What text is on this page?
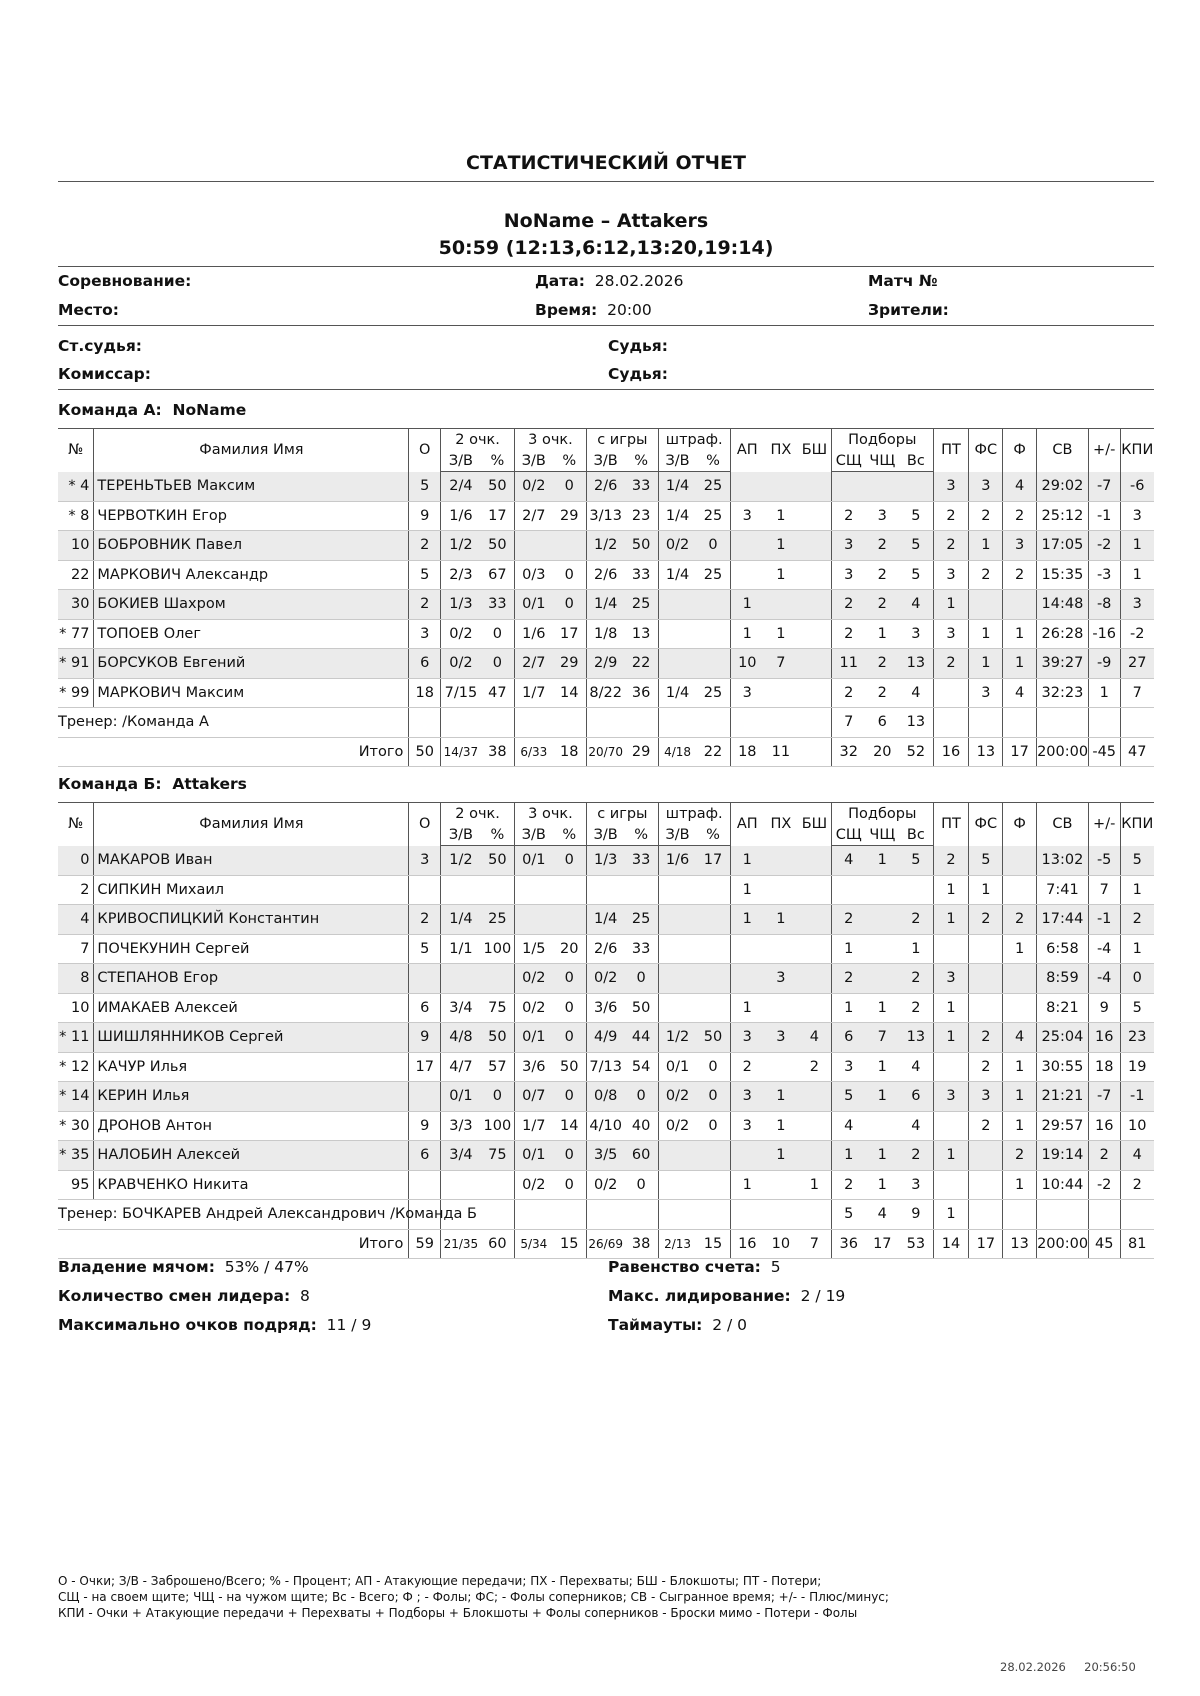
СТАТИСТИЧЕСКИЙ ОТЧЕТ
NoName – Attakers
50:59 (12:13,6:12,13:20,19:14)
Соревнование:	Дата: 28.02.2026	Матч №
Место:	Время: 20:00	Зрители:
Ст.судья:	Судья:
Комиссар:	Судья:
Команда А: NoName
№	Фамилия Имя	О	2 очк.		3 очк.		с игры		штраф.		АП	ПХ	БШ	Подборы			ПТ	ФС	Ф	СВ	+/-	КПИ
			З/В	%	З/В	%	З/В	%	З/В	%				СЩ	ЧЩ	Вс						
* 4	ТЕРЕНЬТЬЕВ Максим	5	2/4	50	0/2	0	2/6	33	1/4	25							3	3	4	29:02	-7	-6
* 8	ЧЕРВОТКИН Егор	9	1/6	17	2/7	29	3/13	23	1/4	25	3	1		2	3	5	2	2	2	25:12	-1	3
10	БОБРОВНИК Павел	2	1/2	50			1/2	50	0/2	0		1		3	2	5	2	1	3	17:05	-2	1
22	МАРКОВИЧ Александр	5	2/3	67	0/3	0	2/6	33	1/4	25		1		3	2	5	3	2	2	15:35	-3	1
30	БОКИЕВ Шахром	2	1/3	33	0/1	0	1/4	25			1			2	2	4	1			14:48	-8	3
* 77	ТОПОЕВ Олег	3	0/2	0	1/6	17	1/8	13			1	1		2	1	3	3	1	1	26:28	-16	-2
* 91	БОРСУКОВ Евгений	6	0/2	0	2/7	29	2/9	22			10	7		11	2	13	2	1	1	39:27	-9	27
* 99	МАРКОВИЧ Максим	18	7/15	47	1/7	14	8/22	36	1/4	25	3			2	2	4		3	4	32:23	1	7
Тренер: /Команда А														7	6	13						
Итого		50	14/37	38	6/33	18	20/70	29	4/18	22	18	11		32	20	52	16	13	17	200:00	-45	47
Команда Б: Attakers
№	Фамилия Имя	О	2 очк.		3 очк.		с игры		штраф.		АП	ПХ	БШ	Подборы			ПТ	ФС	Ф	СВ	+/-	КПИ
			З/В	%	З/В	%	З/В	%	З/В	%				СЩ	ЧЩ	Вс						
0	МАКАРОВ Иван	3	1/2	50	0/1	0	1/3	33	1/6	17	1			4	1	5	2	5		13:02	-5	5
2	СИПКИН Михаил										1						1	1		7:41	7	1
4	КРИВОСПИЦКИЙ Константин	2	1/4	25			1/4	25			1	1		2		2	1	2	2	17:44	-1	2
7	ПОЧЕКУНИН Сергей	5	1/1	100	1/5	20	2/6	33						1		1			1	6:58	-4	1
8	СТЕПАНОВ Егор				0/2	0	0/2	0				3		2		2	3			8:59	-4	0
10	ИМАКАЕВ Алексей	6	3/4	75	0/2	0	3/6	50			1			1	1	2	1			8:21	9	5
* 11	ШИШЛЯННИКОВ Сергей	9	4/8	50	0/1	0	4/9	44	1/2	50	3	3	4	6	7	13	1	2	4	25:04	16	23
* 12	КАЧУР Илья	17	4/7	57	3/6	50	7/13	54	0/1	0	2		2	3	1	4		2	1	30:55	18	19
* 14	КЕРИН Илья		0/1	0	0/7	0	0/8	0	0/2	0	3	1		5	1	6	3	3	1	21:21	-7	-1
* 30	ДРОНОВ Антон	9	3/3	100	1/7	14	4/10	40	0/2	0	3	1		4		4		2	1	29:57	16	10
* 35	НАЛОБИН Алексей	6	3/4	75	0/1	0	3/5	60				1		1	1	2	1		2	19:14	2	4
95	КРАВЧЕНКО Никита				0/2	0	0/2	0			1		1	2	1	3			1	10:44	-2	2
Тренер: БОЧКАРЕВ Андрей Александрович /Команда Б														5	4	9	1					
Итого		59	21/35	60	5/34	15	26/69	38	2/13	15	16	10	7	36	17	53	14	17	13	200:00	45	81
Владение мячом: 53% / 47%	Равенство счета: 5
Количество смен лидера: 8	Макс. лидирование: 2 / 19
Максимально очков подряд: 11 / 9	Таймауты: 2 / 0
О - Очки; З/В - Заброшено/Всего; % - Процент; АП - Атакующие передачи; ПХ - Перехваты; БШ - Блокшоты; ПТ - Потери;
СЩ - на своем щите; ЧЩ - на чужом щите; Вс - Всего; Ф ; - Фолы; ФС; - Фолы соперников; СВ - Сыгранное время; +/- - Плюс/минус;
КПИ - Очки + Атакующие передачи + Перехваты + Подборы + Блокшоты + Фолы соперников - Броски мимо - Потери - Фолы
28.02.2026 20:56:50
